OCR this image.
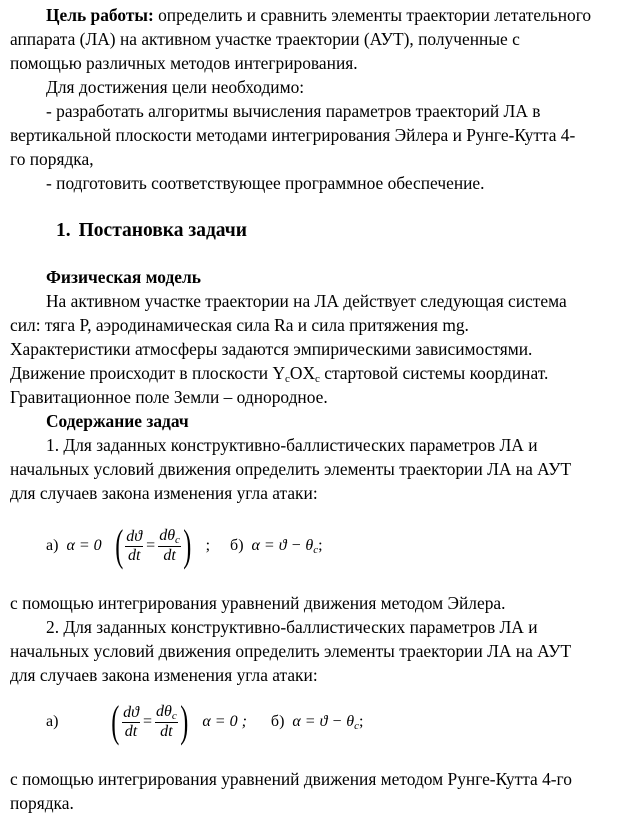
Цель работы: определить и сравнить элементы траектории летательного
аппарата (ЛА) на активном участке траектории (АУТ), полученные с
помощью различных методов интегрирования.
Для достижения цели необходимо:
- разработать алгоритмы вычисления параметров траекторий ЛА в
вертикальной плоскости методами интегрирования Эйлера и Рунге-Кутта 4-
го порядка,
- подготовить соответствующее программное обеспечение.
1. Постановка задачи
Физическая модель
На активном участке траектории на ЛА действует следующая система
сил: тяга P, аэродинамическая сила Ra и сила притяжения mg.
Характеристики атмосферы задаются эмпирическими зависимостями.
Движение происходит в плоскости $Y_cOX_c$ стартовой системы координат.
Гравитационное поле Земли – однородное.
Содержание задач
1. Для заданных конструктивно-баллистических параметров ЛА и
начальных условий движения определить элементы траектории ЛА на АУТ
для случаев закона изменения угла атаки:
а) α = 0 ( $\frac{dϑ}{dt} = \frac{d\theta_c}{dt}$ ) ; б) $\alpha = ϑ - \theta_c$ ;
с помощью интегрирования уравнений движения методом Эйлера.
2. Для заданных конструктивно-баллистических параметров ЛА и
начальных условий движения определить элементы траектории ЛА на АУТ
для случаев закона изменения угла атаки:
а) ( $\frac{dϑ}{dt} = \frac{d\theta_c}{dt}$ ) α = 0 ; б) $\alpha = ϑ - \theta_c$ ;
с помощью интегрирования уравнений движения методом Рунге-Кутта 4-го
порядка.
